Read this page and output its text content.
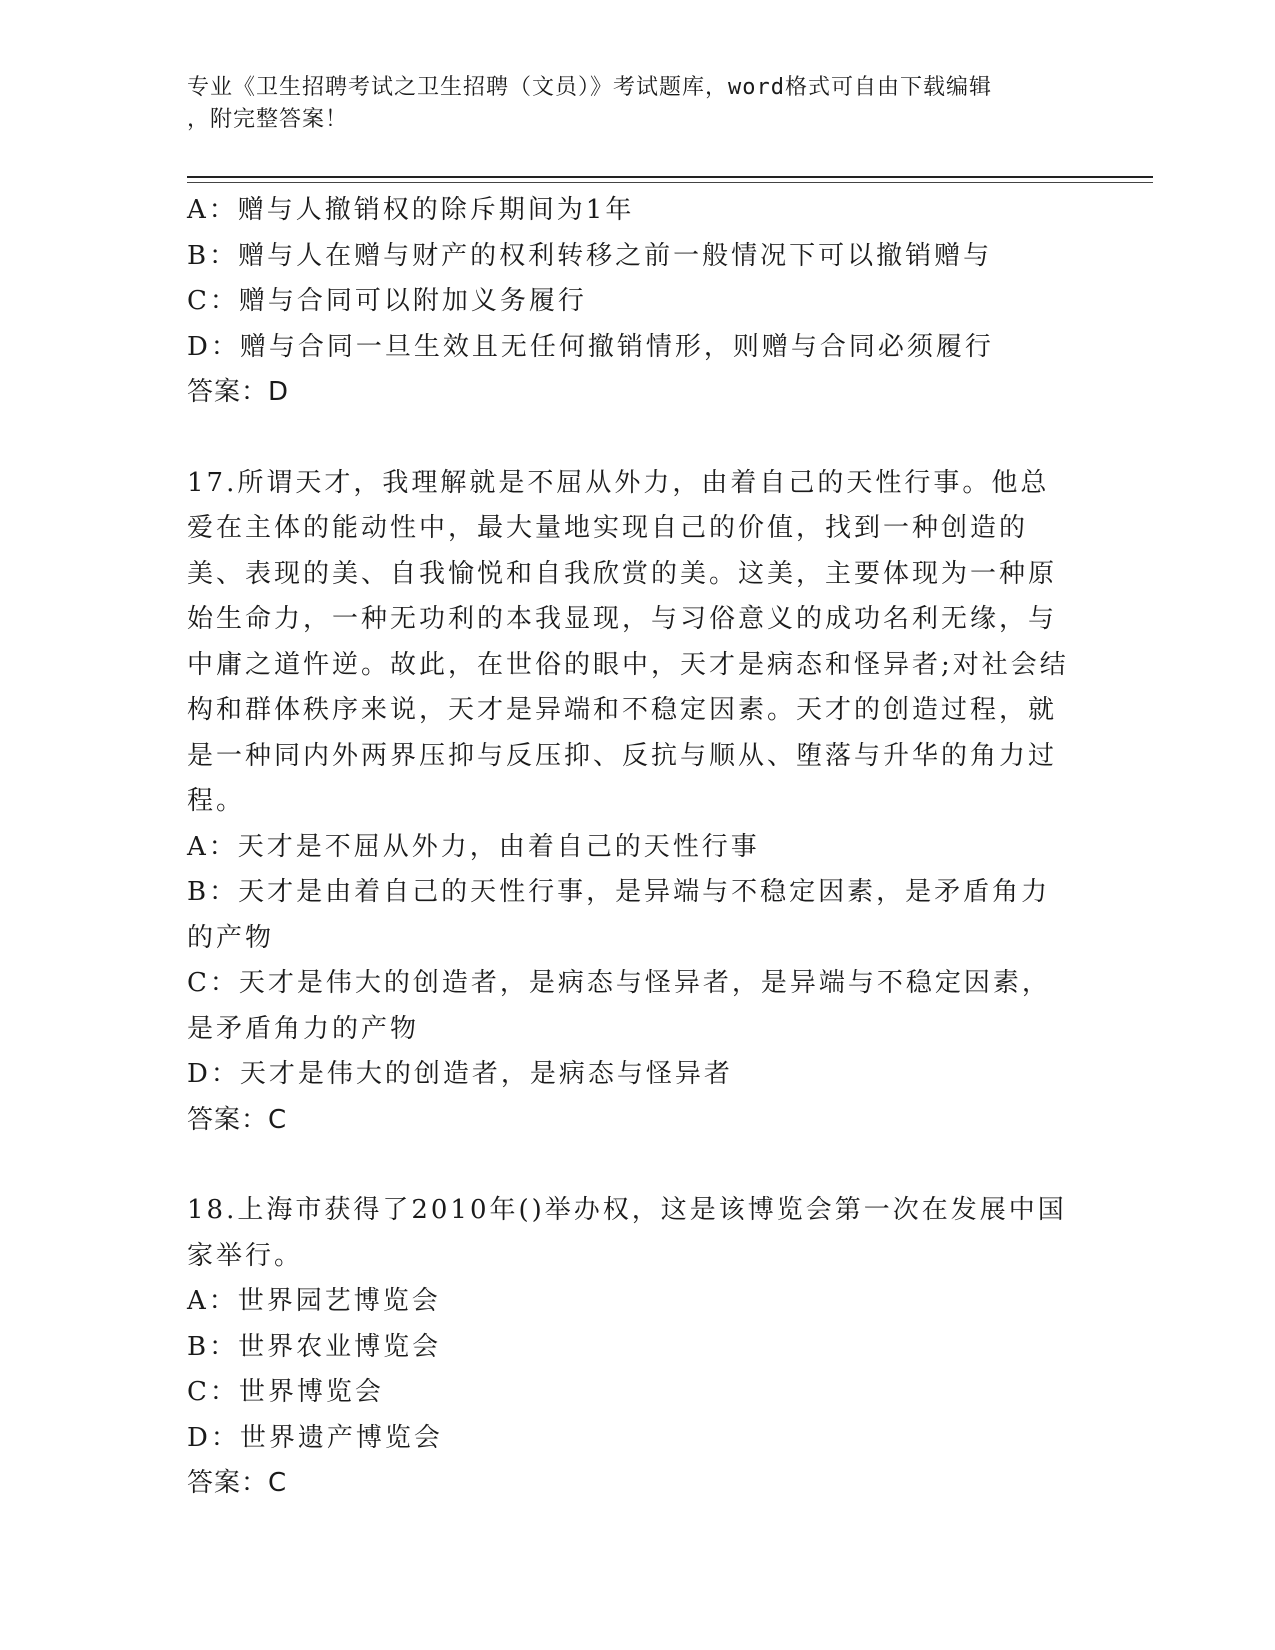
专业《卫生招聘考试之卫生招聘（文员）》考试题库，word格式可自由下载编辑
，附完整答案！

A：赠与人撤销权的除斥期间为1年

B：赠与人在赠与财产的权利转移之前一般情况下可以撤销赠与

C：赠与合同可以附加义务履行

D：赠与合同一旦生效且无任何撤销情形，则赠与合同必须履行

答案：D

17.所谓天才，我理解就是不屈从外力，由着自己的天性行事。他总爱在主体的能动性中，最大量地实现自己的价值，找到一种创造的美、表现的美、自我愉悦和自我欣赏的美。这美，主要体现为一种原始生命力，一种无功利的本我显现，与习俗意义的成功名利无缘，与中庸之道忤逆。故此，在世俗的眼中，天才是病态和怪异者;对社会结构和群体秩序来说，天才是异端和不稳定因素。天才的创造过程，就是一种同内外两界压抑与反压抑、反抗与顺从、堕落与升华的角力过程。

A：天才是不屈从外力，由着自己的天性行事

B：天才是由着自己的天性行事，是异端与不稳定因素，是矛盾角力的产物

C：天才是伟大的创造者，是病态与怪异者，是异端与不稳定因素，是矛盾角力的产物

D：天才是伟大的创造者，是病态与怪异者

答案：C

18.上海市获得了2010年()举办权，这是该博览会第一次在发展中国家举行。

A：世界园艺博览会

B：世界农业博览会

C：世界博览会

D：世界遗产博览会

答案：C
